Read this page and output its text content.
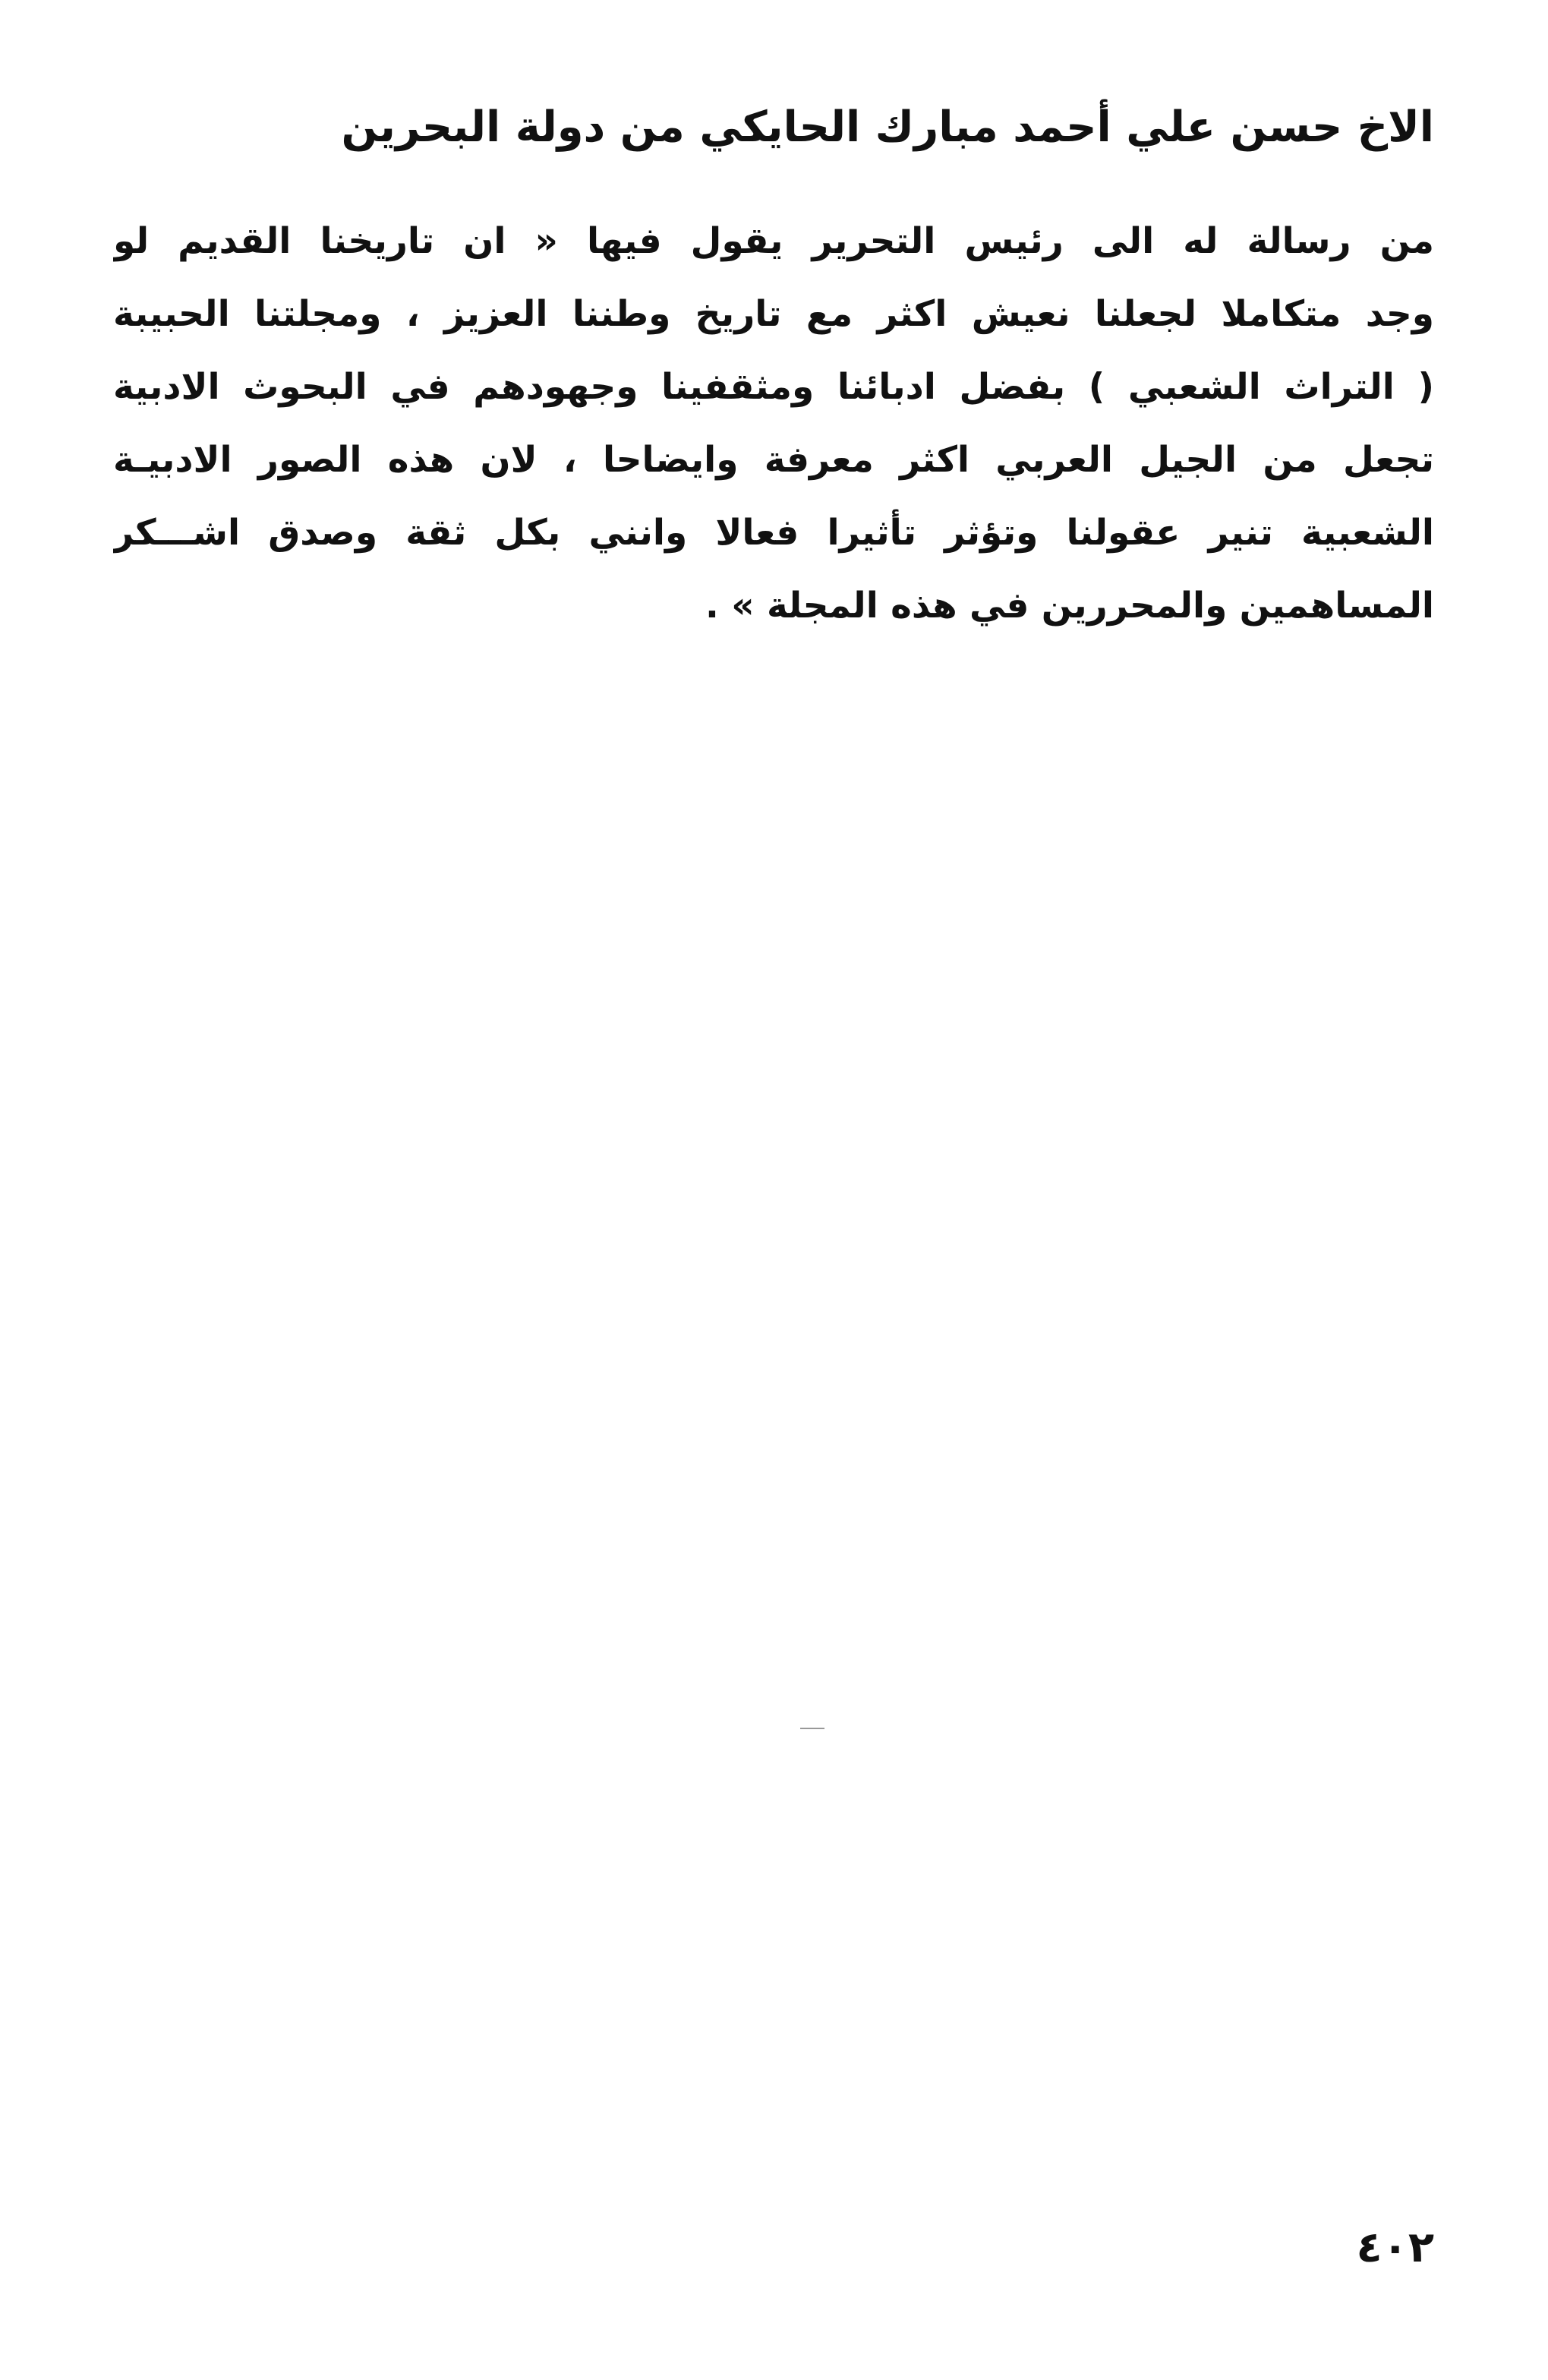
الاخ حسن علي أحمد مبارك الحايكي من دولة البحرين
من رسالة له الى رئيس التحرير يقول فيها « ان تاريخنا القديم لو
وجد متكاملا لجعلنا نعيش اكثر مع تاريخ وطننا العزيز ، ومجلتنا الحبيبة
( التراث الشعبي ) بفضل ادبائنا ومثقفينا وجهودهم في البحوث الادبية
تجعل من الجيل العربي اكثر معرفة وايضاحا ، لان هذه الصور الادبيـة
الشعبية تنير عقولنا وتؤثر تأثيرا فعالا وانني بكل ثقة وصدق اشـــكر
المساهمين والمحررين في هذه المجلة » .
٤٠٢
